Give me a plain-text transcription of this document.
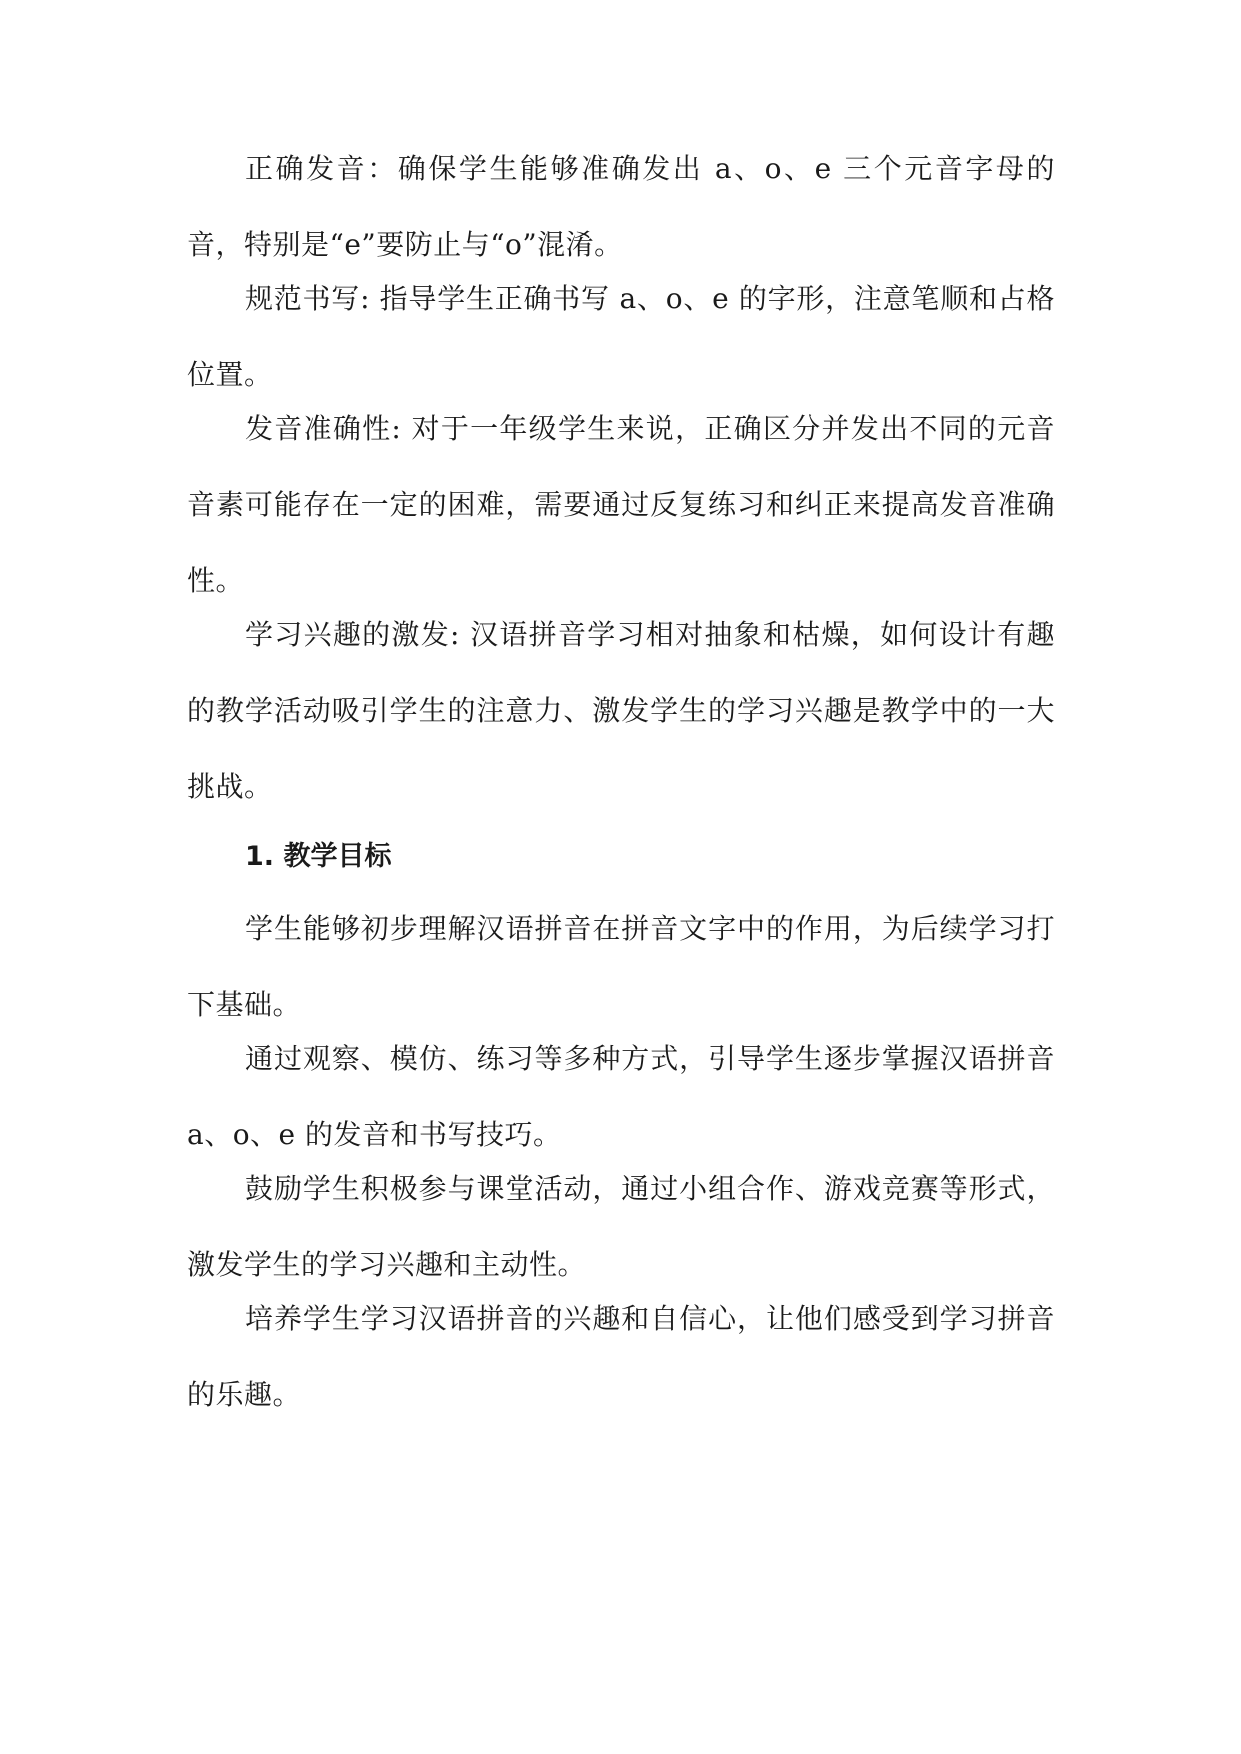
正确发音：确保学生能够准确发出 a、o、e 三个元音字母的音，特别是“e”要防止与“o”混淆。
规范书写: 指导学生正确书写 a、o、e 的字形，注意笔顺和占格位置。
发音准确性: 对于一年级学生来说，正确区分并发出不同的元音音素可能存在一定的困难，需要通过反复练习和纠正来提高发音准确性。
学习兴趣的激发: 汉语拼音学习相对抽象和枯燥，如何设计有趣的教学活动吸引学生的注意力、激发学生的学习兴趣是教学中的一大挑战。
1. 教学目标
学生能够初步理解汉语拼音在拼音文字中的作用，为后续学习打下基础。
通过观察、模仿、练习等多种方式，引导学生逐步掌握汉语拼音 a、o、e 的发音和书写技巧。
鼓励学生积极参与课堂活动，通过小组合作、游戏竞赛等形式，激发学生的学习兴趣和主动性。
培养学生学习汉语拼音的兴趣和自信心，让他们感受到学习拼音的乐趣。
